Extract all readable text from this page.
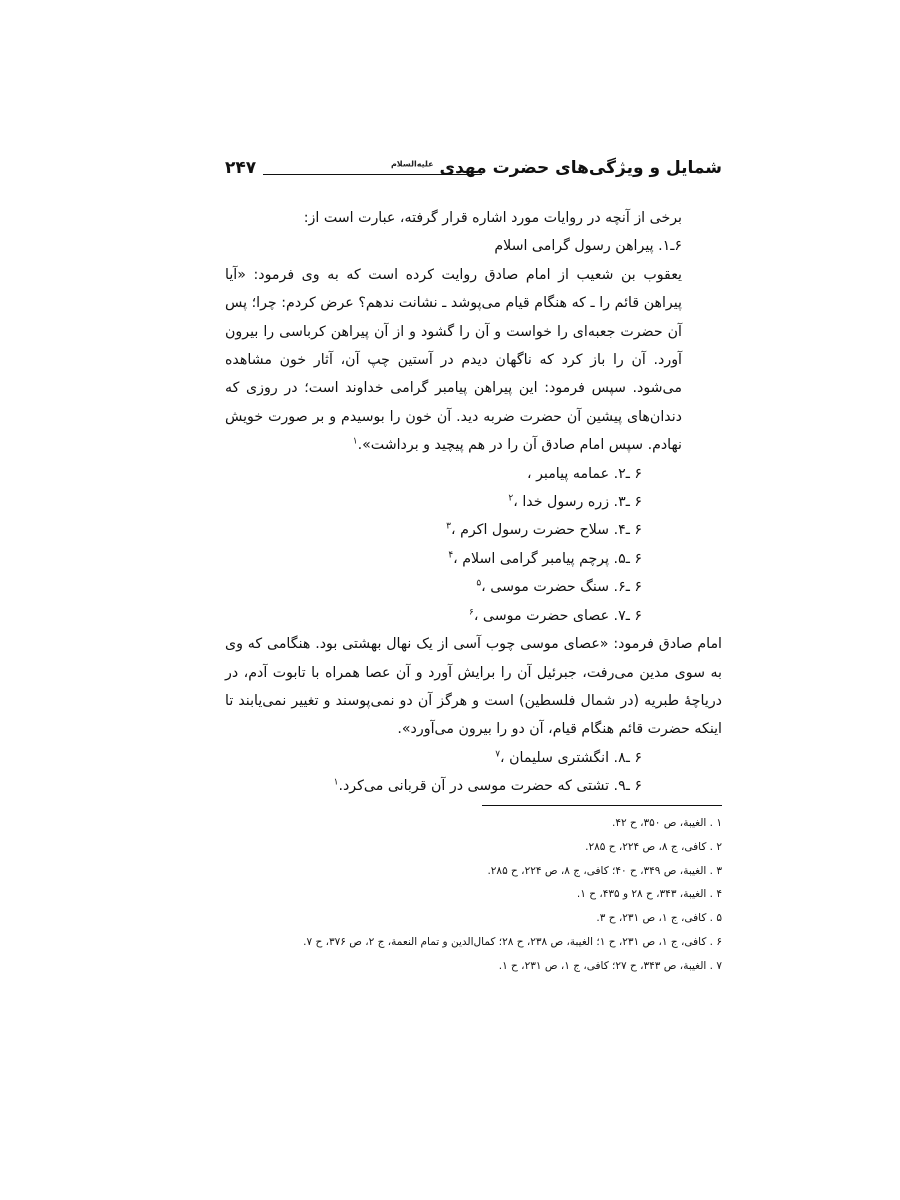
شمایل و ویژگی‌های حضرت مهدی $^{علیه‌السلام}$
۲۴۷

برخی از آنچه در روایات مورد اشاره قرار گرفته، عبارت است از:

۶ـ۱. پیراهن رسول گرامی اسلام

یعقوب بن شعیب از امام صادق روایت کرده است که به وی فرمود: «آیا پیراهن قائم را ـ که هنگام قیام می‌پوشد ـ نشانت ندهم؟ عرض کردم: چرا؛ پس آن حضرت جعبه‌ای را خواست و آن را گشود و از آن پیراهن کرباسی را بیرون آورد. آن را باز کرد که ناگهان دیدم در آستین چپ آن، آثار خون مشاهده می‌شود. سپس فرمود: این پیراهن پیامبر گرامی خداوند است؛ در روزی که دندان‌های پیشین آن حضرت ضربه دید. آن خون را بوسیدم و بر صورت خویش نهادم. سپس امام صادق آن را در هم پیچید و برداشت».$^۱$

۶ ـ۲. عمامه پیامبر ،

۶ ـ۳. زره رسول خدا ،$^۲$

۶ ـ۴. سلاح حضرت رسول اکرم ،$^۳$

۶ ـ۵. پرچم پیامبر گرامی اسلام ،$^۴$

۶ ـ۶. سنگ حضرت موسی ،$^۵$

۶ ـ۷. عصای حضرت موسی ،$^۶$

امام صادق فرمود: «عصای موسی چوب آسی از یک نهال بهشتی بود. هنگامی که وی به سوی مدین می‌رفت، جبرئیل آن را برایش آورد و آن عصا همراه با تابوت آدم، در دریاچهٔ طبریه (در شمال فلسطین) است و هرگز آن دو نمی‌پوسند و تغییر نمی‌یابند تا اینکه حضرت قائم هنگام قیام، آن دو را بیرون می‌آورد».

۶ ـ۸. انگشتری سلیمان ،$^۷$

۶ ـ۹. تشتی که حضرت موسی در آن قربانی می‌کرد.$^۱$

۱ . الغیبة، ص ۳۵۰، ح ۴۲.
۲ . کافی، ج ۸، ص ۲۲۴، ح ۲۸۵.
۳ . الغیبة، ص ۳۴۹، ح ۴۰؛ کافی، ج ۸، ص ۲۲۴، ح ۲۸۵.
۴ . الغیبة، ۳۴۳، ح ۲۸ و ۴۳۵، ح ۱.
۵ . کافی، ج ۱، ص ۲۳۱، ح ۳.
۶ . کافی، ج ۱، ص ۲۳۱، ح ۱؛ الغیبة، ص ۲۳۸، ح ۲۸؛ کمال‌الدین و تمام النعمة، ج ۲، ص ۳۷۶، ح ۷.
۷ . الغیبة، ص ۳۴۳، ح ۲۷؛ کافی، ج ۱، ص ۲۳۱، ح ۱.
